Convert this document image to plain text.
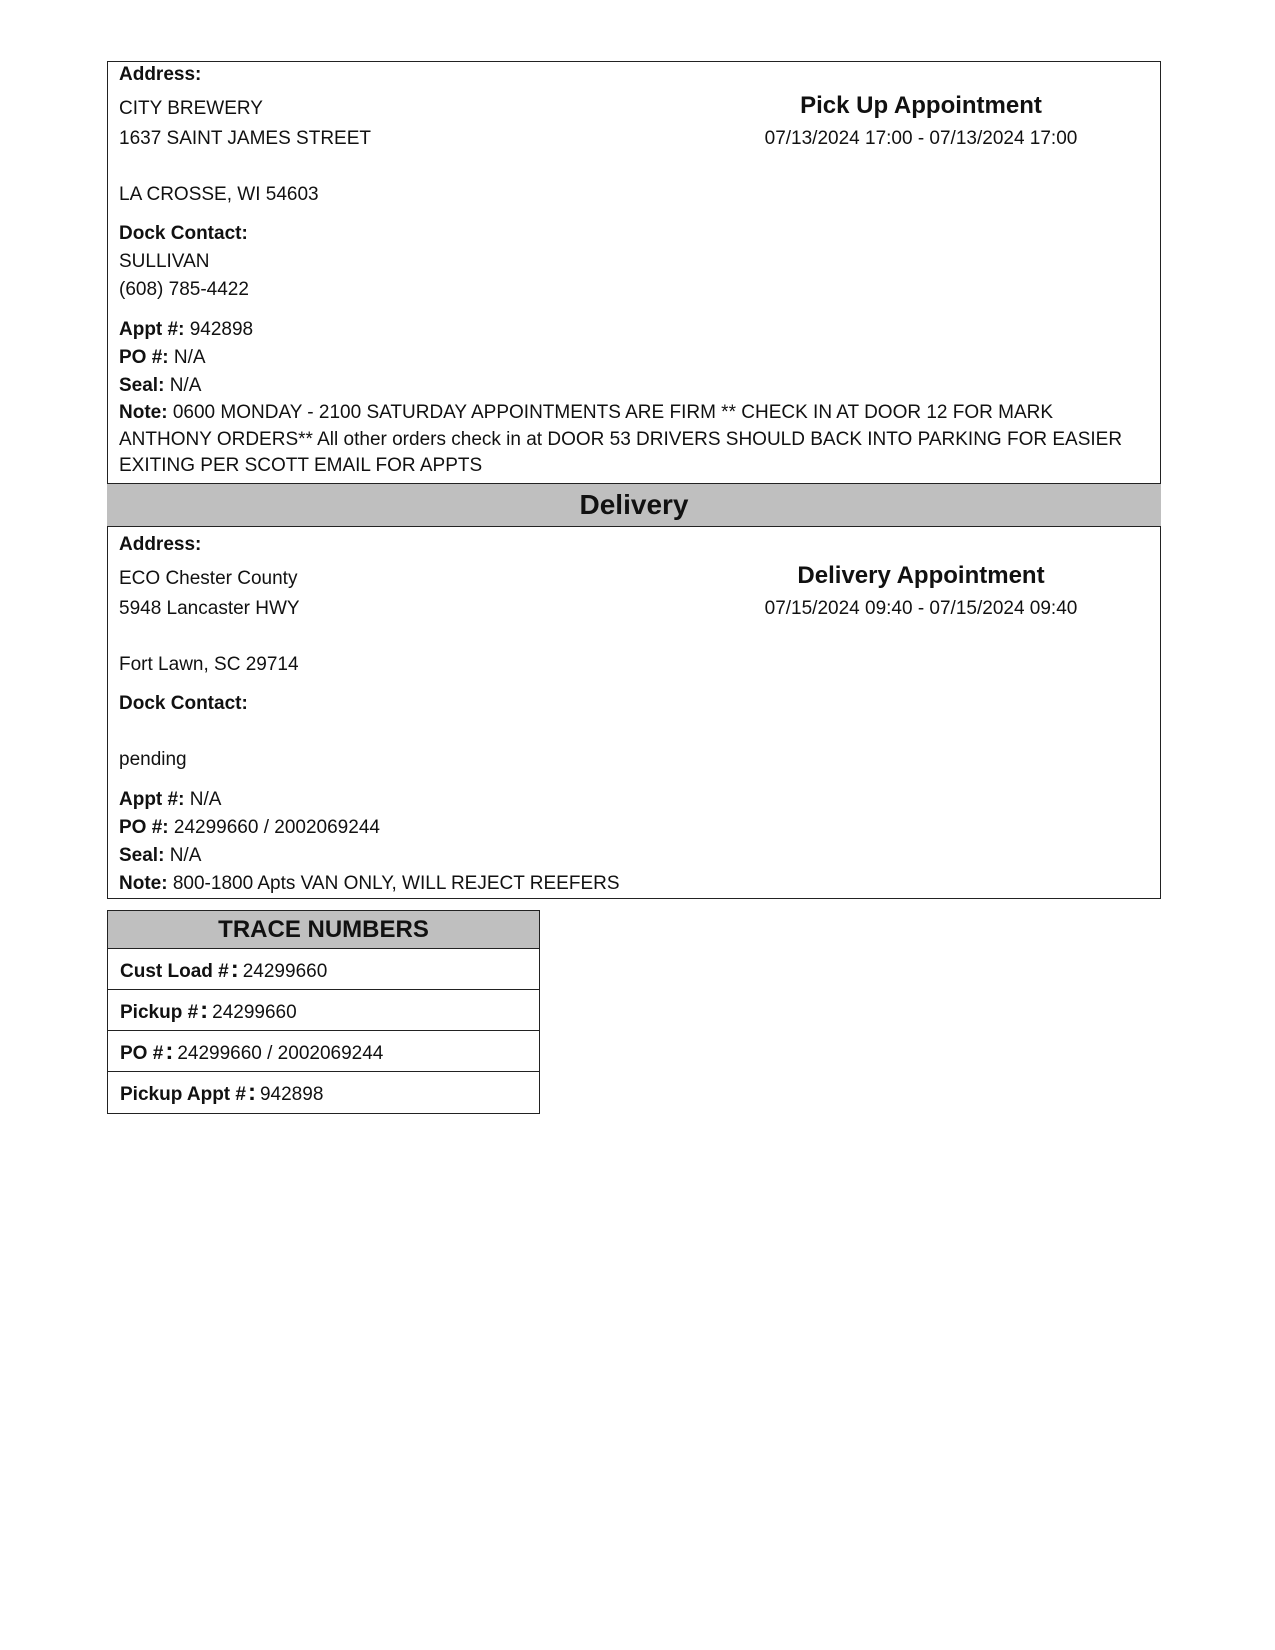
Address:
CITY BREWERY
1637 SAINT JAMES STREET
LA CROSSE, WI 54603
Pick Up Appointment
07/13/2024 17:00 - 07/13/2024 17:00
Dock Contact:
SULLIVAN
(608) 785-4422
Appt #: 942898
PO #: N/A
Seal: N/A
Note: 0600 MONDAY - 2100 SATURDAY APPOINTMENTS ARE FIRM ** CHECK IN AT DOOR 12 FOR MARK ANTHONY ORDERS** All other orders check in at DOOR 53 DRIVERS SHOULD BACK INTO PARKING FOR EASIER EXITING PER SCOTT EMAIL FOR APPTS
Delivery
Address:
ECO Chester County
5948 Lancaster HWY
Fort Lawn, SC 29714
Delivery Appointment
07/15/2024 09:40 - 07/15/2024 09:40
Dock Contact:
pending
Appt #: N/A
PO #: 24299660 / 2002069244
Seal: N/A
Note: 800-1800 Apts VAN ONLY, WILL REJECT REEFERS
TRACE NUMBERS
Cust Load #: 24299660
Pickup #: 24299660
PO #: 24299660 / 2002069244
Pickup Appt #: 942898
